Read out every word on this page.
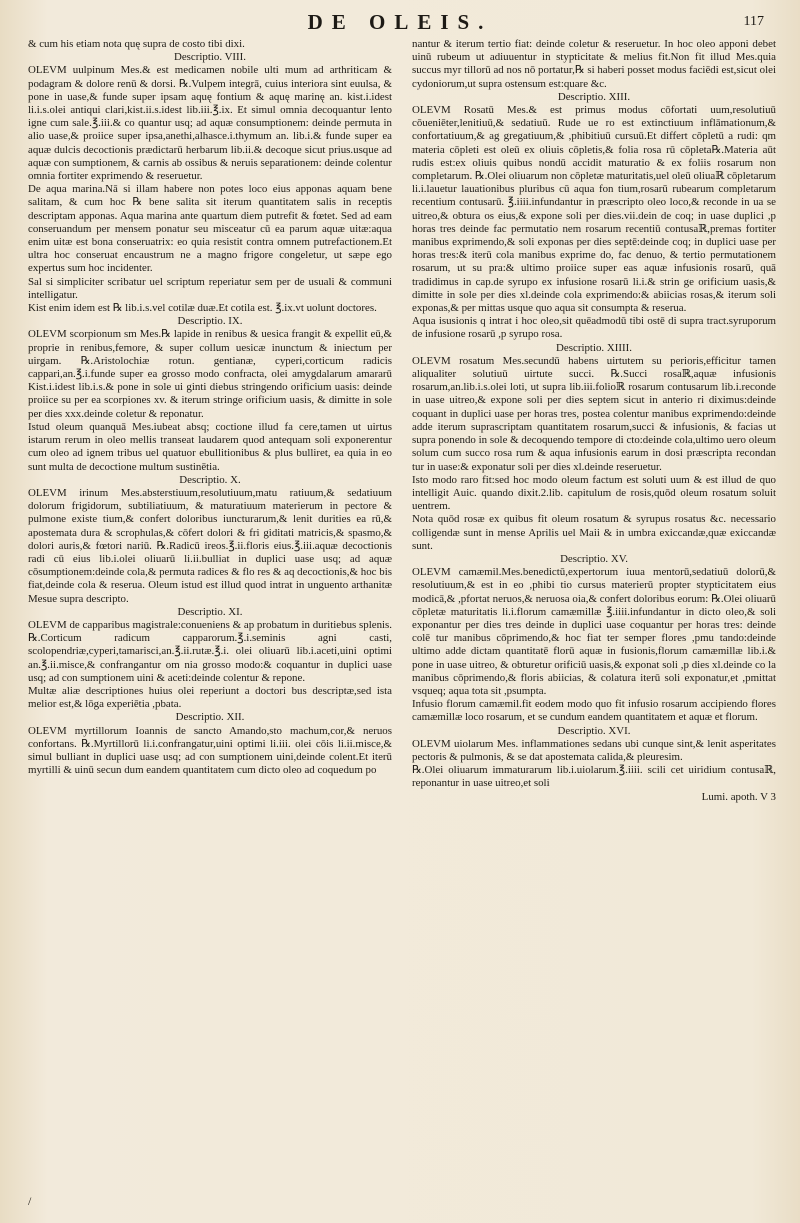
DE OLEIS.	117

& cum his etiam nota quę supra de costo tibi dixi.

Descriptio. VIII.

OLEVM uulpinum Mes.& est medicamen nobile ulti mum ad arthriticam & podagram & dolore renū & dorsi. ℞.Vulpem integrā, cuius interiora sint euulsa, & pone in uase,& funde super ipsam aquę fontium & aquę marinę an. kist.i.idest li.i.s.olei antiqui clari,kist.ii.s.idest lib.iii.℥.ix. Et simul omnia decoquantur lento igne cum sale.℥.iii.& co quantur usq; ad aquæ consumptionem: deinde permuta in alio uase,& proiice super ipsa,anethi,alhasce.i.thymum an. lib.i.& funde super ea aquæ dulcis decoctionis prædictarū herbarum lib.ii.& decoque sicut prius.usque ad aquæ con sumptionem, & carnis ab ossibus & neruis separationem: deinde colentur omnia fortiter exprimendo & reseruetur.

De aqua marina.Nā si illam habere non potes loco eius apponas aquam bene salitam, & cum hoc ℞ bene salita sit iterum quantitatem salis in receptis descriptam apponas. Aqua marina ante quartum diem putrefit & fœtet. Sed ad eam conseruandum per mensem ponatur seu misceatur cū ea parum aquæ uitæ:aqua enim uitæ est bona conseruatrix: eo quia resistit contra omnem putrefactionem.Et ultra hoc conseruat encaustrum ne a magno frigore congeletur, ut sæpe ego expertus sum hoc incidenter.

Sal si simpliciter scribatur uel scriptum reperiatur sem per de usuali & communi intelligatur.

Kist enim idem est ℞ lib.i.s.vel cotilæ duæ.Et cotila est. ℥.ix.vt uolunt doctores.

Descriptio. IX.

OLEVM scorpionum sm Mes.℞ lapide in renibus & uesica frangit & expellit eū,& proprie in renibus,femore, & super collum uesicæ inunctum & iniectum per uirgam. ℞.Aristolochiæ rotun. gentianæ, cyperi,corticum radicis cappari,an.℥.i.funde super ea grosso modo confracta, olei amygdalarum amararū Kist.i.idest lib.i.s.& pone in sole ui ginti diebus stringendo orificium uasis: deinde proiice su per ea scorpiones xv. & iterum stringe orificium uasis, & dimitte in sole per dies xxx.deinde coletur & reponatur.

Istud oleum quanquā Mes.iubeat absq; coctione illud fa cere,tamen ut uirtus istarum rerum in oleo mellis transeat laudarem quod antequam soli exponerentur cum oleo ad ignem tribus uel quatuor ebullitionibus & plus bulliret, ea quia in eo sunt multa de decoctione multum sustinētia.

Descriptio. X.

OLEVM irinum Mes.absterstiuum,resolutiuum,matu ratiuum,& sedatiuum dolorum frigidorum, subtiliatiuum, & maturatiuum materierum in pectore & pulmone existe tium,& confert doloribus iuncturarum,& lenit durities ea rū,& apostemata dura & scrophulas,& cōfert dolori & fri giditati matricis,& spasmo,& dolori auris,& fœtori nariū. ℞.Radicū ireos.℥.ii.floris eius.℥.iii.aquæ decoctionis radi cū eius lib.i.olei oliuarū li.ii.bulliat in duplici uase usq; ad aquæ cōsumptionem:deinde cola,& permuta radices & flo res & aq decoctionis,& hoc bis fiat,deinde cola & reserua. Oleum istud est illud quod intrat in unguento arthanitæ Mesue supra descripto.

Descriptio. XI.

OLEVM de capparibus magistrale:conueniens & ap probatum in duritiebus splenis. ℞.Corticum radicum capparorum.℥.i.seminis agni casti, scolopendriæ,cyperi,tamarisci,an.℥.ii.rutæ.℥.i. olei oliuarū lib.i.aceti,uini optimi an.℥.ii.misce,& confrangantur om nia grosso modo:& coquantur in duplici uase usq; ad con sumptionem uini & aceti:deinde colentur & repone.

Multæ aliæ descriptiones huius olei reperiunt a doctori bus descriptæ,sed ista melior est,& lōga experiētia ,pbata.

Descriptio. XII.

OLEVM myrtillorum Ioannis de sancto Amando,sto machum,cor,& neruos confortans. ℞.Myrtillorū li.i.confrangatur,uini optimi li.iii. olei cōis li.ii.misce,& simul bulliant in duplici uase usq; ad con sumptionem uini,deinde colent.Et iterū myrtilli & uinū secun dum eandem quantitatem cum dicto oleo ad coquedum po

nantur & iterum tertio fiat: deinde coletur & reseruetur. In hoc oleo apponi debet uinū rubeum ut adiuuentur in stypticitate & melius fit.Non fit illud Mes.quia succus myr tillorū ad nos nō portatur,℞ si haberi posset modus faciēdi est,sicut olei cydoniorum,ut supra ostensum est:quare &c.

Descriptio. XIII.

OLEVM Rosatū Mes.& est primus modus cōfortati uum,resolutiuū cōueniēter,lenitiuū,& sedatiuū. Rude ue ro est extinctiuum inflāmationum,& confortatiuum,& ag gregatiuum,& ,phibitiuū cursuū.Et differt cōpletū a rudi: qm materia cōpleti est oleū ex oliuis cōpletis,& folia rosa rū cōpleta℞.Materia aūt rudis est:ex oliuis quibus nondū accidit maturatio & ex foliis rosarum non completarum. ℞.Olei oliuarum non cōpletæ maturitatis,uel oleū oliuaℝ cōpletarum li.i.lauetur lauationibus pluribus cū aqua fon tium,rosarū rubearum completarum recentium contusarū. ℥.iiii.infundantur in præscripto oleo loco,& reconde in ua se uitreo,& obtura os eius,& expone soli per dies.vii.dein de coq; in uase duplici ,p horas tres deinde fac permutatio nem rosarum recentiū contusaℝ,premas fortiter manibus exprimendo,& soli exponas per dies septē:deinde coq; in duplici uase per horas tres:& iterū cola manibus exprime do, fac denuo, & tertio permutationem rosarum, ut su pra:& ultimo proiice super eas aquæ infusionis rosarū, quā tradidimus in cap.de syrupo ex infusione rosarū li.i.& strin ge orificium uasis,& dimitte in sole per dies xl.deinde cola exprimendo:& abiicias rosas,& iterum soli exponas,& per mittas usque quo aqua sit consumpta & reserua.

Aqua isusionis q intrat i hoc oleo,sit quēadmodū tibi ostē di supra tract.syruporum de infusione rosarū ,p syrupo rosa.

Descriptio. XIIII.

OLEVM rosatum Mes.secundū habens uirtutem su perioris,efficitur tamen aliqualiter solutiuū uirtute succi. ℞.Succi rosaℝ,aquæ infusionis rosarum,an.lib.i.s.olei loti, ut supra lib.iii.folioℝ rosarum contusarum lib.i.reconde in uase uitreo,& expone soli per dies septem sicut in anterio ri diximus:deinde coquant in duplici uase per horas tres, postea colentur manibus exprimendo:deinde adde iterum suprascriptam quantitatem rosarum,succi & infusionis, & facias ut supra ponendo in sole & decoquendo tempore di cto:deinde cola,ultimo uero oleum solum cum succo rosa rum & aqua infusionis earum in dosi præscripta recondan tur in uase:& exponatur soli per dies xl.deinde reseruetur.

Isto modo raro fit:sed hoc modo oleum factum est soluti uum & est illud de quo intelligit Auic. quando dixit.2.lib. capitulum de rosis,quōd oleum rosatum soluit uentrem.

Nota quōd rosæ ex quibus fit oleum rosatum & syrupus rosatus &c. necessario colligendæ sunt in mense Aprilis uel Maii & in umbra exiccandæ,quæ exiccandæ sunt.

Descriptio. XV.

OLEVM camæmil.Mes.benedictū,expertorum iuua mentorū,sedatiuū dolorū,& resolutiuum,& est in eo ,phibi tio cursus materierū propter stypticitatem eius modicā,& ,pfortat neruos,& neruosa oia,& confert doloribus eorum: ℞.Olei oliuarū cōpletæ maturitatis li.i.florum camæmillæ ℥.iiii.infundantur in dicto oleo,& soli exponantur per dies tres deinde in duplici uase coquantur per horas tres: deinde colē tur manibus cōprimendo,& hoc fiat ter semper flores ,pmu tando:deinde ultimo adde dictam quantitatē florū aquæ in fusionis,florum camæmillæ lib.i.& pone in uase uitreo, & obturetur orificiū uasis,& exponat soli ,p dies xl.deinde co la manibus cōprimendo,& floris abiicias, & colatura iterū soli exponatur,et ,pmittat vsqueq; aqua tota sit ,psumpta.

Infusio florum camæmil.fit eodem modo quo fit infusio rosarum accipiendo flores camæmillæ loco rosarum, et se cundum eandem quantitatem et aquæ et florum.

Descriptio. XVI.

OLEVM uiolarum Mes. inflammationes sedans ubi cunque sint,& lenit asperitates pectoris & pulmonis, & se dat apostemata calida,& pleuresim.

℞.Olei oliuarum immaturarum lib.i.uiolarum.℥.iiii. scili cet uiridium contusaℝ, reponantur in uase uitreo,et soli

Lumi. apoth. V 3

/
